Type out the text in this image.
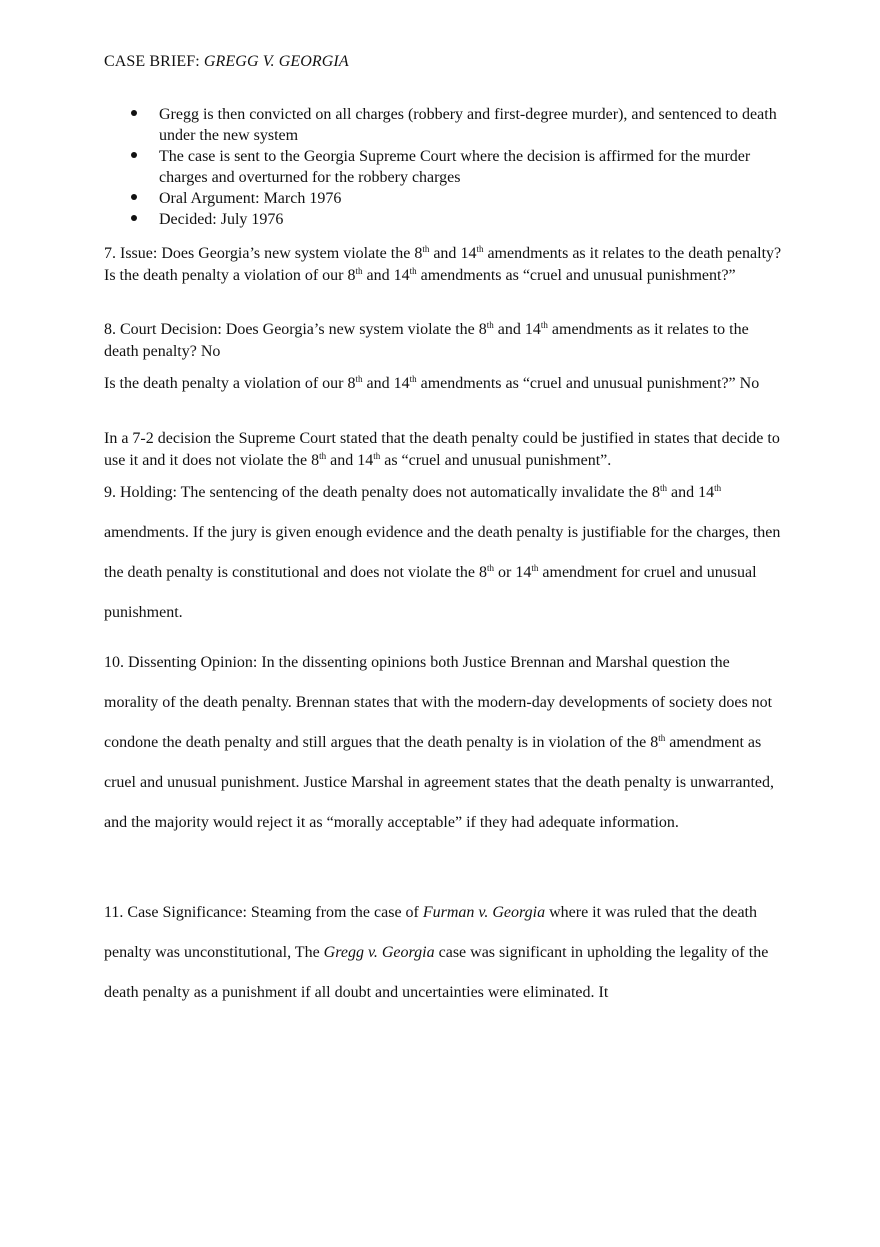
CASE BRIEF: GREGG V. GEORGIA
Gregg is then convicted on all charges (robbery and first-degree murder), and sentenced to death under the new system
The case is sent to the Georgia Supreme Court where the decision is affirmed for the murder charges and overturned for the robbery charges
Oral Argument: March 1976
Decided: July 1976

7. Issue: Does Georgia’s new system violate the 8th and 14th amendments as it relates to the death penalty? Is the death penalty a violation of our 8th and 14th amendments as “cruel and unusual punishment?”

8. Court Decision: Does Georgia’s new system violate the 8th and 14th amendments as it relates to the death penalty? No

Is the death penalty a violation of our 8th and 14th amendments as “cruel and unusual punishment?” No

In a 7-2 decision the Supreme Court stated that the death penalty could be justified in states that decide to use it and it does not violate the 8th and 14th as “cruel and unusual punishment”.

9. Holding: The sentencing of the death penalty does not automatically invalidate the 8th and 14th amendments. If the jury is given enough evidence and the death penalty is justifiable for the charges, then the death penalty is constitutional and does not violate the 8th or 14th amendment for cruel and unusual punishment.

10. Dissenting Opinion: In the dissenting opinions both Justice Brennan and Marshal question the morality of the death penalty. Brennan states that with the modern-day developments of society does not condone the death penalty and still argues that the death penalty is in violation of the 8th amendment as cruel and unusual punishment. Justice Marshal in agreement states that the death penalty is unwarranted, and the majority would reject it as “morally acceptable” if they had adequate information.

11. Case Significance: Steaming from the case of Furman v. Georgia where it was ruled that the death penalty was unconstitutional, The Gregg v. Georgia case was significant in upholding the legality of the death penalty as a punishment if all doubt and uncertainties were eliminated. It
